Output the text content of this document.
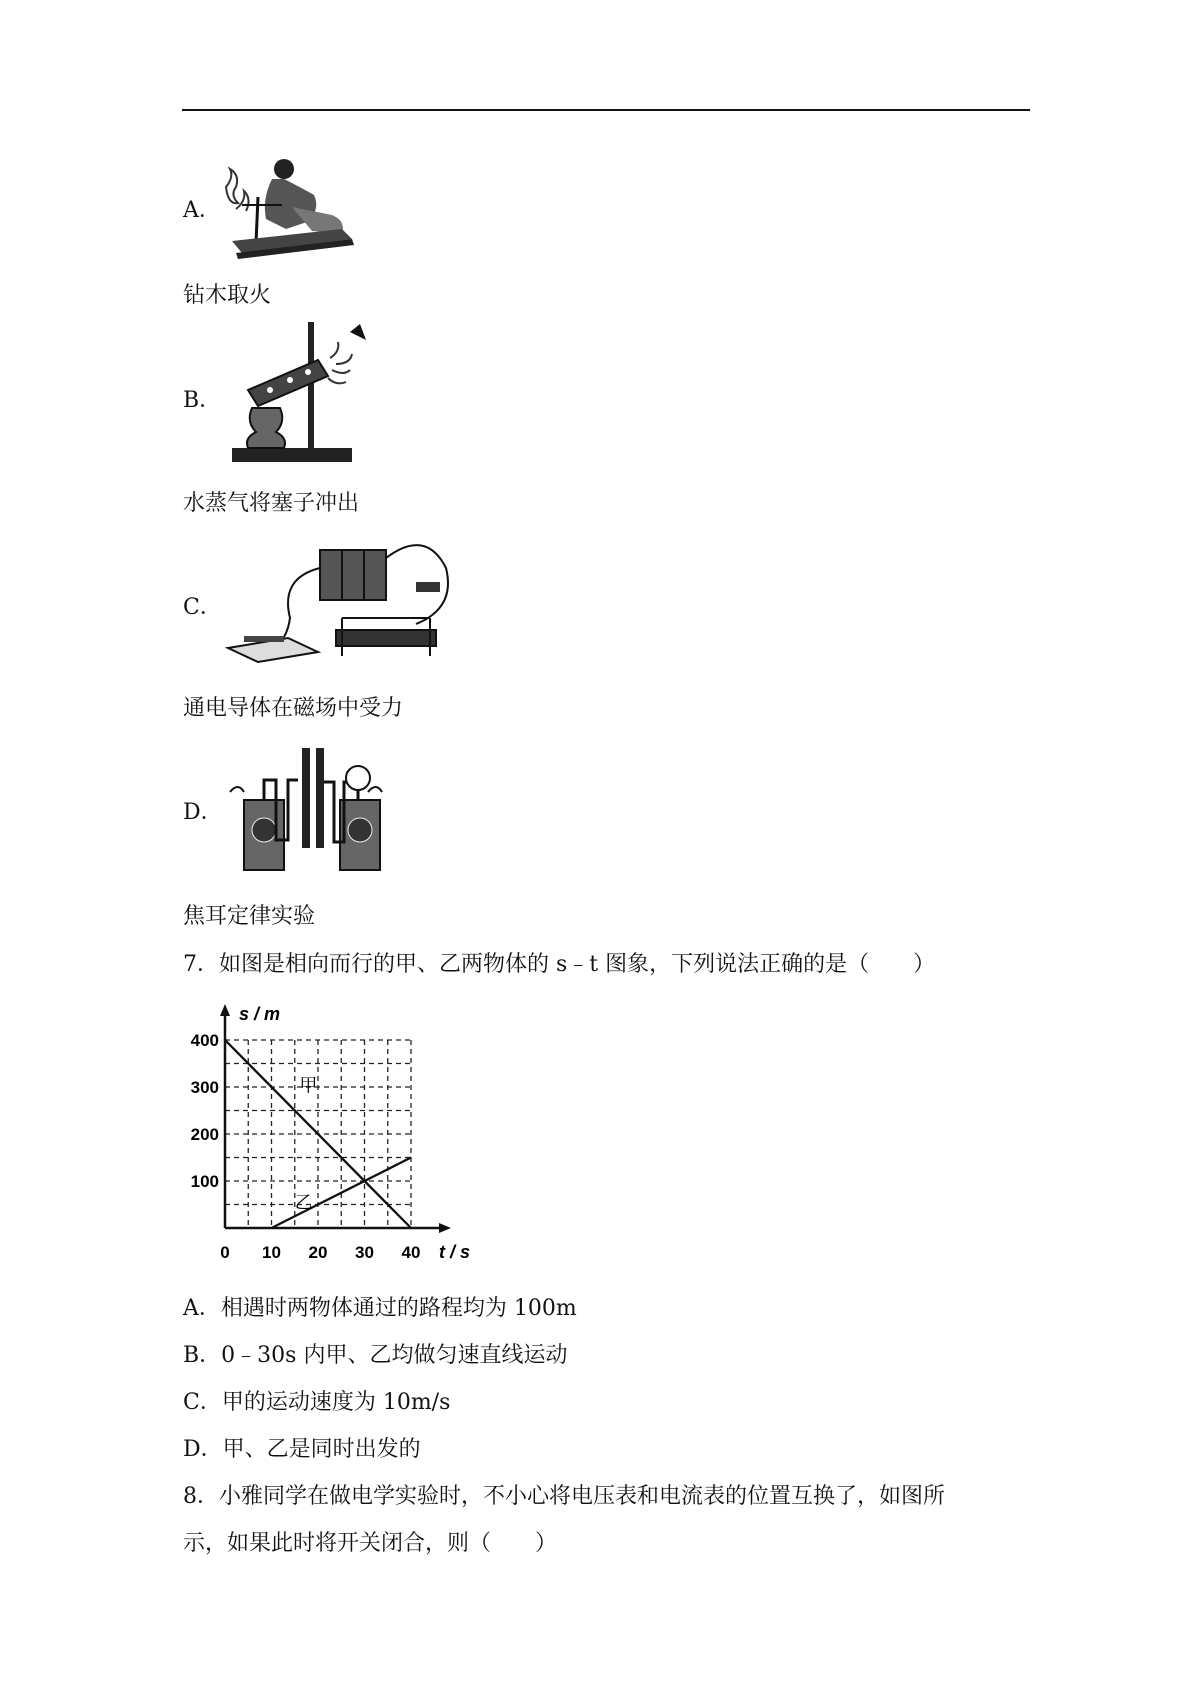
A．
钻木取火
B．
水蒸气将塞子冲出
C．
通电导体在磁场中受力
D．
焦耳定律实验
7．如图是相向而行的甲、乙两物体的 s﹣t 图象，下列说法正确的是（　　）
0 10 20 30 40
100
200
300
400
t / s
s / m
甲
乙
A．相遇时两物体通过的路程均为 100m
B．0﹣30s 内甲、乙均做匀速直线运动
C．甲的运动速度为 10m/s
D．甲、乙是同时出发的
8．小雅同学在做电学实验时，不小心将电压表和电流表的位置互换了，如图所
示，如果此时将开关闭合，则（　　）
